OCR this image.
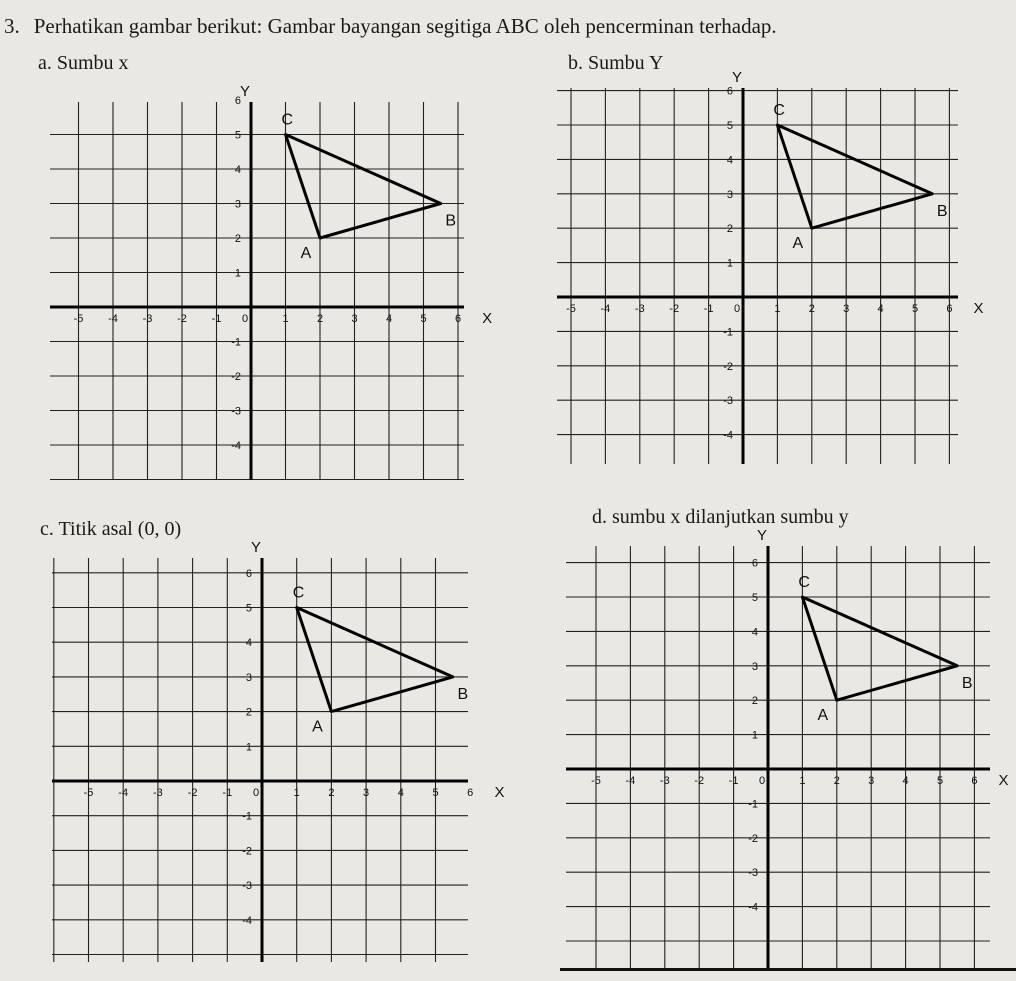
3. Perhatikan gambar berikut: Gambar bayangan segitiga ABC oleh pencerminan terhadap.
a. Sumbu x	b. Sumbu Y
c. Titik asal (0, 0)
d. sumbu x dilanjutkan sumbu y
-5 -4 -3 -2 -1 0	1	2	3	4	5	6
6
5
4
3
2
1
-1
-2
-3
-4
X
Y
A
B
C
-5 -4 -3 -2 -1 0	1	2	3	4	5	6
6
5
4
3
2
1
-1
-2
-3
-4
X
Y
A
B
C
-5 -4 -3 -2 -1 0	1	2	3	4	5	6
6
5
4
3
2
1
-1
-2
-3
-4
X
Y
A
B
C
-5 -4 -3 -2 -1 0	1	2	3	4	5	6
6
5
4
3
2
1
-1
-2
-3
-4
X
Y
A
B
C
